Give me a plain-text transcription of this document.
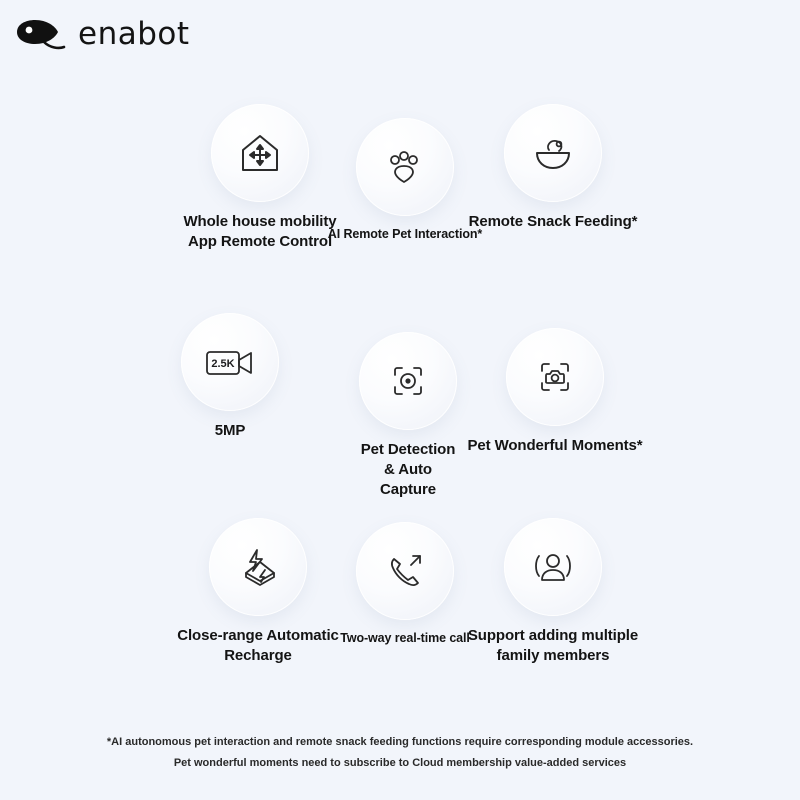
enabot
Whole house mobility
App Remote Control
AI Remote Pet Interaction*
Remote Snack Feeding*
2.5K
5MP
Pet Detection
& Auto
Capture
Pet Wonderful Moments*
Close-range Automatic
Recharge
Two-way real-time call
Support adding multiple
family members
*AI autonomous pet interaction and remote snack feeding functions require corresponding module accessories.
Pet wonderful moments need to subscribe to Cloud membership value-added services
